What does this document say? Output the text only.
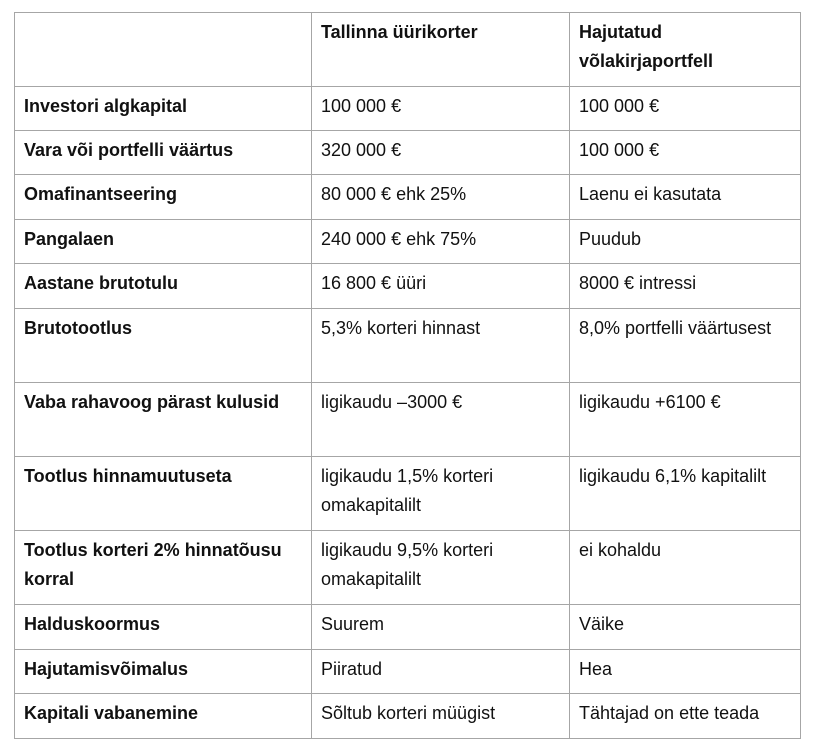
	Tallinna üürikorter	Hajutatud võlakirjaportfell
Investori algkapital	100 000 €	100 000 €
Vara või portfelli väärtus	320 000 €	100 000 €
Omafinantseering	80 000 € ehk 25%	Laenu ei kasutata
Pangalaen	240 000 € ehk 75%	Puudub
Aastane brutotulu	16 800 € üüri	8000 € intressi
Brutotootlus	5,3% korteri hinnast	8,0% portfelli väärtusest
Vaba rahavoog pärast kulusid	ligikaudu –3000 €	ligikaudu +6100 €
Tootlus hinnamuutuseta	ligikaudu 1,5% korteri omakapitalilt	ligikaudu 6,1% kapitalilt
Tootlus korteri 2% hinnatõusu korral	ligikaudu 9,5% korteri omakapitalilt	ei kohaldu
Halduskoormus	Suurem	Väike
Hajutamisvõimalus	Piiratud	Hea
Kapitali vabanemine	Sõltub korteri müügist	Tähtajad on ette teada
